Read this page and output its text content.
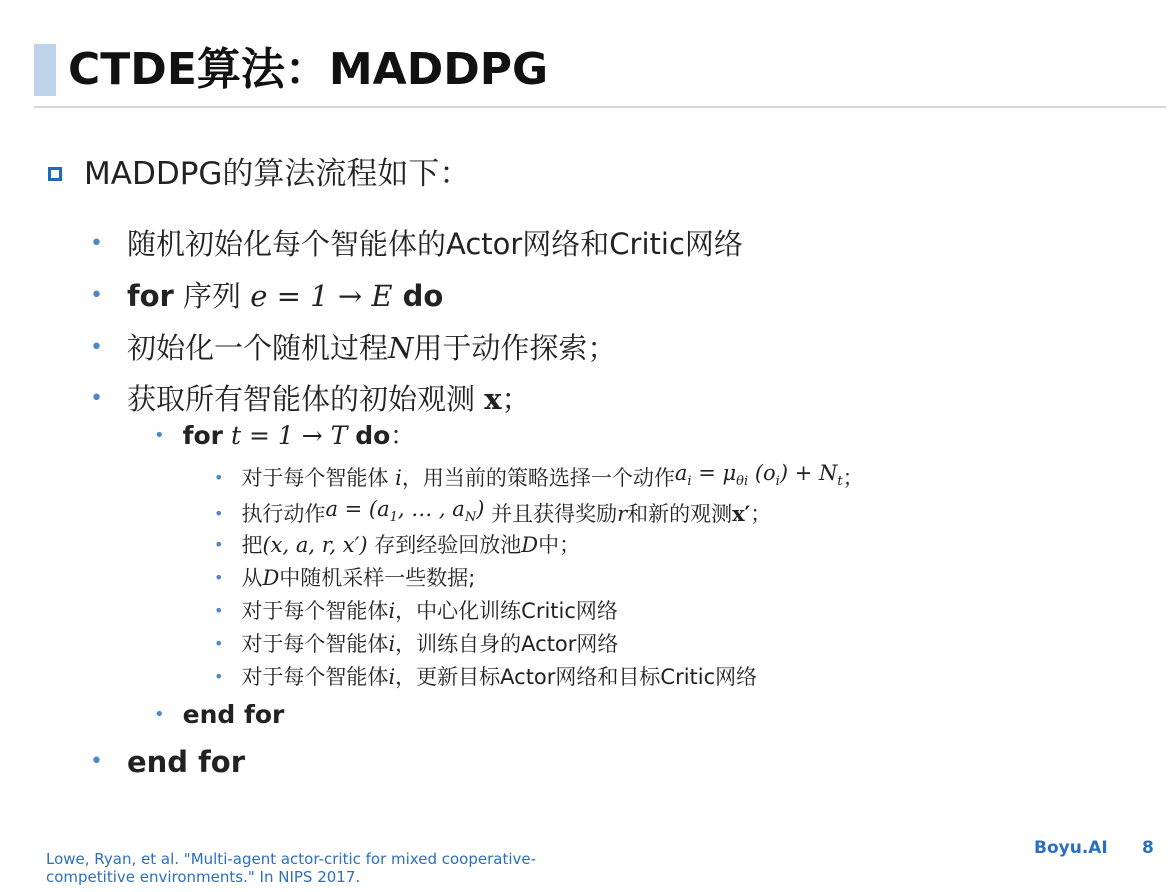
CTDE算法：MADDPG
MADDPG的算法流程如下：
• 随机初始化每个智能体的Actor网络和Critic网络
• for 序列 e = 1 → E do
• 初始化一个随机过程 N 用于动作探索；
• 获取所有智能体的初始观测 x ；
• for t = 1 → T do ：
• 对于每个智能体 i ，用当前的策略选择一个动作 $a_i = \mu_{\theta i}$ $(o_i) + N_t$ ；
• 执行动作 $a = (a_1$, … , $a_N$) 并且获得奖励 r 和新的观测 x′ ；
• 把 (x, a, r, x′) 存到经验回放池 D 中；
• 从 D 中随机采样一些数据;
• 对于每个智能体 i ，中心化训练Critic网络
• 对于每个智能体 i ，训练自身的Actor网络
• 对于每个智能体 i ，更新目标Actor网络和目标Critic网络
• end for
• end for
Lowe, Ryan, et al. "Multi-agent actor-critic for mixed cooperative-
competitive environments." In NIPS 2017.
Boyu.AI 8
